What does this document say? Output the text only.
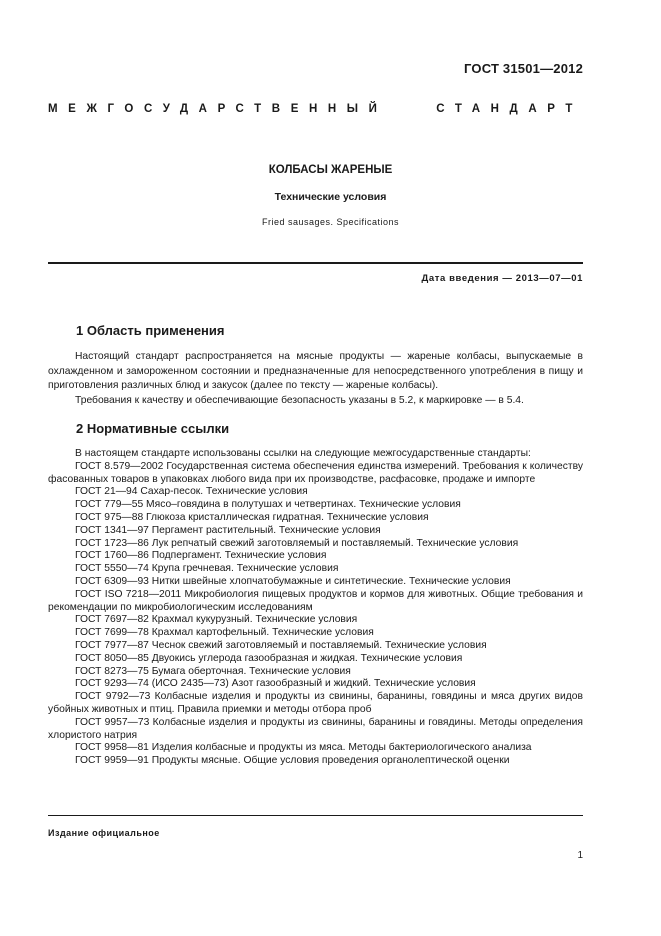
ГОСТ 31501—2012
МЕЖГОСУДАРСТВЕННЫЙ	СТАНДАРТ
КОЛБАСЫ ЖАРЕНЫЕ
Технические условия
Fried sausages. Specifications
Дата введения — 2013—07—01
1 Область применения

Настоящий стандарт распространяется на мясные продукты — жареные колбасы, выпускаемые в охлажденном и замороженном состоянии и предназначенные для непосредственного употребления в пищу и приготовления различных блюд и закусок (далее по тексту — жареные колбасы).

Требования к качеству и обеспечивающие безопасность указаны в 5.2, к маркировке — в 5.4.

2 Нормативные ссылки
В настоящем стандарте использованы ссылки на следующие межгосударственные стандарты:
ГОСТ 8.579—2002 Государственная система обеспечения единства измерений. Требования к количеству фасованных товаров в упаковках любого вида при их производстве, расфасовке, продаже и импорте
ГОСТ 21—94 Сахар-песок. Технические условия
ГОСТ 779—55 Мясо–говядина в полутушах и четвертинах. Технические условия
ГОСТ 975—88 Глюкоза кристаллическая гидратная. Технические условия
ГОСТ 1341—97 Пергамент растительный. Технические условия
ГОСТ 1723—86 Лук репчатый свежий заготовляемый и поставляемый. Технические условия
ГОСТ 1760—86 Подпергамент. Технические условия
ГОСТ 5550—74 Крупа гречневая. Технические условия
ГОСТ 6309—93 Нитки швейные хлопчатобумажные и синтетические. Технические условия
ГОСТ ISO 7218—2011 Микробиология пищевых продуктов и кормов для животных. Общие требования и рекомендации по микробиологическим исследованиям
ГОСТ 7697—82 Крахмал кукурузный. Технические условия
ГОСТ 7699—78 Крахмал картофельный. Технические условия
ГОСТ 7977—87 Чеснок свежий заготовляемый и поставляемый. Технические условия
ГОСТ 8050—85 Двуокись углерода газообразная и жидкая. Технические условия
ГОСТ 8273—75 Бумага оберточная. Технические условия
ГОСТ 9293—74 (ИСО 2435—73) Азот газообразный и жидкий. Технические условия
ГОСТ 9792—73 Колбасные изделия и продукты из свинины, баранины, говядины и мяса других видов убойных животных и птиц. Правила приемки и методы отбора проб
ГОСТ 9957—73 Колбасные изделия и продукты из свинины, баранины и говядины. Методы определения хлористого натрия
ГОСТ 9958—81 Изделия колбасные и продукты из мяса. Методы бактериологического анализа
ГОСТ 9959—91 Продукты мясные. Общие условия проведения органолептической оценки
Издание официальное
1
